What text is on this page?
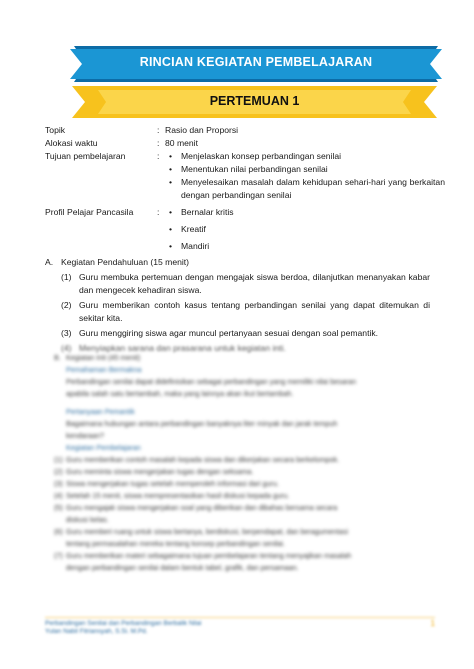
RINCIAN KEGIATAN PEMBELAJARAN
PERTEMUAN 1
Topik	: Rasio dan Proporsi
Alokasi waktu	: 80 menit
Tujuan pembelajaran	: • Menjelaskan konsep perbandingan senilai
• Menentukan nilai perbandingan senilai
• Menyelesaikan masalah dalam kehidupan sehari-hari yang berkaitan dengan perbandingan senilai
Profil Pelajar Pancasila	: • Bernalar kritis
• Kreatif
• Mandiri
A. Kegiatan Pendahuluan (15 menit)
(1) Guru membuka pertemuan dengan mengajak siswa berdoa, dilanjutkan menanyakan kabar dan mengecek kehadiran siswa.
(2) Guru memberikan contoh kasus tentang perbandingan senilai yang dapat ditemukan di sekitar kita.
(3) Guru menggiring siswa agar muncul pertanyaan sesuai dengan soal pemantik.
(4) Menyiapkan sarana dan prasarana untuk kegiatan inti.
B. Kegiatan Inti (45 menit)
Pemahaman Bermakna
Perbandingan senilai dapat didefinisikan sebagai perbandingan yang memiliki nilai besaran
apabila salah satu bertambah, maka yang lainnya akan ikut bertambah.
Pertanyaan Pemantik
Bagaimana hubungan antara perbandingan banyaknya liter minyak dan jarak tempuh
kendaraan?
Kegiatan Pembelajaran
(1) Guru memberikan contoh masalah kepada siswa dan dikerjakan secara berkelompok.
(2) Guru meminta siswa mengerjakan tugas dengan seksama.
(3) Siswa mengerjakan tugas setelah memperoleh informasi dari guru.
(4) Setelah 15 menit, siswa mempresentasikan hasil diskusi kepada guru.
(5) Guru mengajak siswa mengerjakan soal yang diberikan dan dibahas bersama secara
diskusi kelas.
(6) Guru memberi ruang untuk siswa bertanya, berdiskusi, berpendapat, dan beragumentasi
tentang permasalahan mereka tentang konsep perbandingan senilai.
(7) Guru memberikan materi sebagaimana tujuan pembelajaran tentang menyajikan masalah
dengan perbandingan senilai dalam bentuk tabel, grafik, dan persamaan.
Perbandingan Senilai dan Perbandingan Berbalik Nilai
Yulan Nabil Fitriansyah, S.Si. M.Pd.
1
